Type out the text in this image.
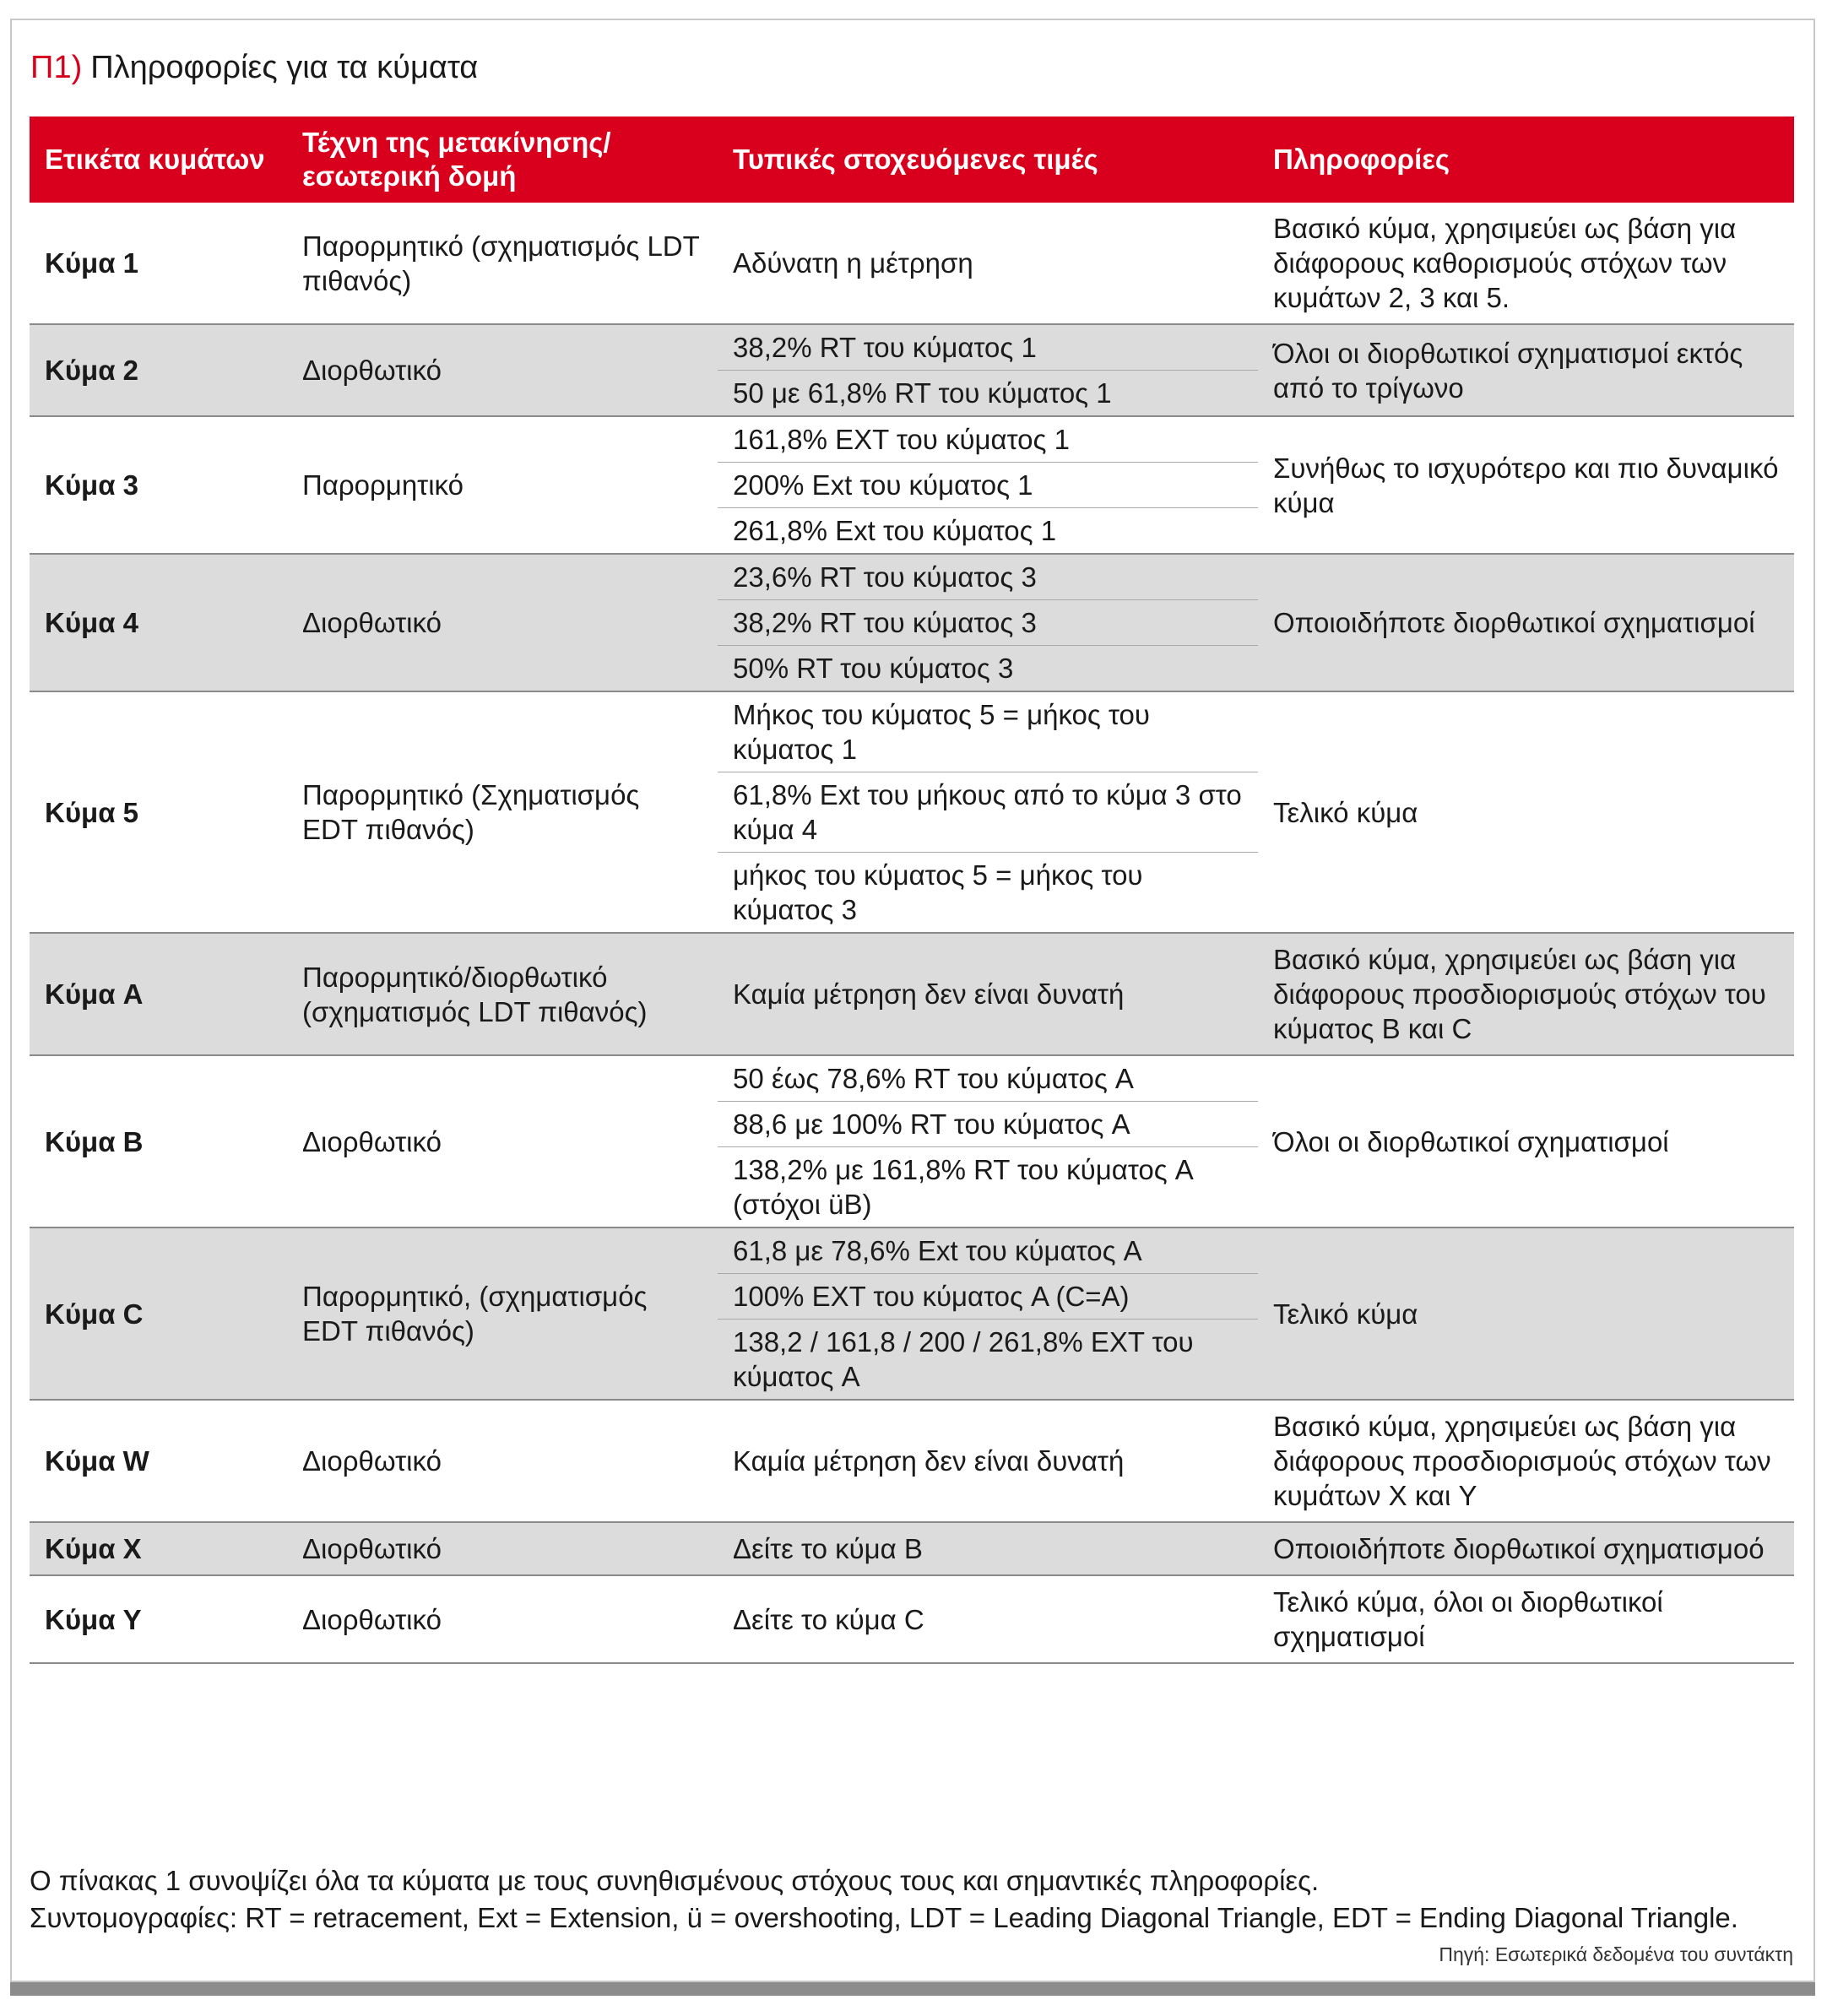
Π1) Πληροφορίες για τα κύματα
Ετικέτα κυμάτων	Τέχνη της μετακίνησης/ εσωτερική δομή	Τυπικές στοχευόμενες τιμές	Πληροφορίες
Κύμα 1	Παρορμητικό (σχηματισμός LDT πιθανός)	Αδύνατη η μέτρηση	Βασικό κύμα, χρησιμεύει ως βάση για διάφορους καθορισμούς στόχων των κυμάτων 2, 3 και 5.
Κύμα 2	Διορθωτικό	38,2% RT του κύματος 1	Όλοι οι διορθωτικοί σχηματισμοί εκτός από το τρίγωνο
		50 με 61,8% RT του κύματος 1	
Κύμα 3	Παρορμητικό	161,8% EXT του κύματος 1	Συνήθως το ισχυρότερο και πιο δυναμικό κύμα
		200% Ext του κύματος 1	
		261,8% Ext του κύματος 1	
Κύμα 4	Διορθωτικό	23,6% RT του κύματος 3	Οποιοιδήποτε διορθωτικοί σχηματισμοί
		38,2% RT του κύματος 3	
		50% RT του κύματος 3	
Κύμα 5	Παρορμητικό (Σχηματισμός EDT πιθανός)	Μήκος του κύματος 5 = μήκος του κύματος 1	Τελικό κύμα
		61,8% Ext του μήκους από το κύμα 3 στο κύμα 4	
		μήκος του κύματος 5 = μήκος του κύματος 3	
Κύμα A	Παρορμητικό/διορθωτικό (σχηματισμός LDT πιθανός)	Καμία μέτρηση δεν είναι δυνατή	Βασικό κύμα, χρησιμεύει ως βάση για διάφορους προσδιορισμούς στόχων του κύματος B και C
Κύμα B	Διορθωτικό	50 έως 78,6% RT του κύματος A	Όλοι οι διορθωτικοί σχηματισμοί
		88,6 με 100% RT του κύματος A	
		138,2% με 161,8% RT του κύματος A (στόχοι üB)	
Κύμα C	Παρορμητικό, (σχηματισμός EDT πιθανός)	61,8 με 78,6% Ext του κύματος A	Τελικό κύμα
		100% EXT του κύματος A (C=A)	
		138,2 / 161,8 / 200 / 261,8% EXT του κύματος A	
Κύμα W	Διορθωτικό	Καμία μέτρηση δεν είναι δυνατή	Βασικό κύμα, χρησιμεύει ως βάση για διάφορους προσδιορισμούς στόχων των κυμάτων X και Y
Κύμα X	Διορθωτικό	Δείτε το κύμα B	Οποιοιδήποτε διορθωτικοί σχηματισμοό
Κύμα Y	Διορθωτικό	Δείτε το κύμα C	Τελικό κύμα, όλοι οι διορθωτικοί σχηματισμοί
Ο πίνακας 1 συνοψίζει όλα τα κύματα με τους συνηθισμένους στόχους τους και σημαντικές πληροφορίες.
Συντομογραφίες: RT = retracement, Ext = Extension, ü = overshooting, LDT = Leading Diagonal Triangle, EDT = Ending Diagonal Triangle.
Πηγή: Εσωτερικά δεδομένα του συντάκτη
